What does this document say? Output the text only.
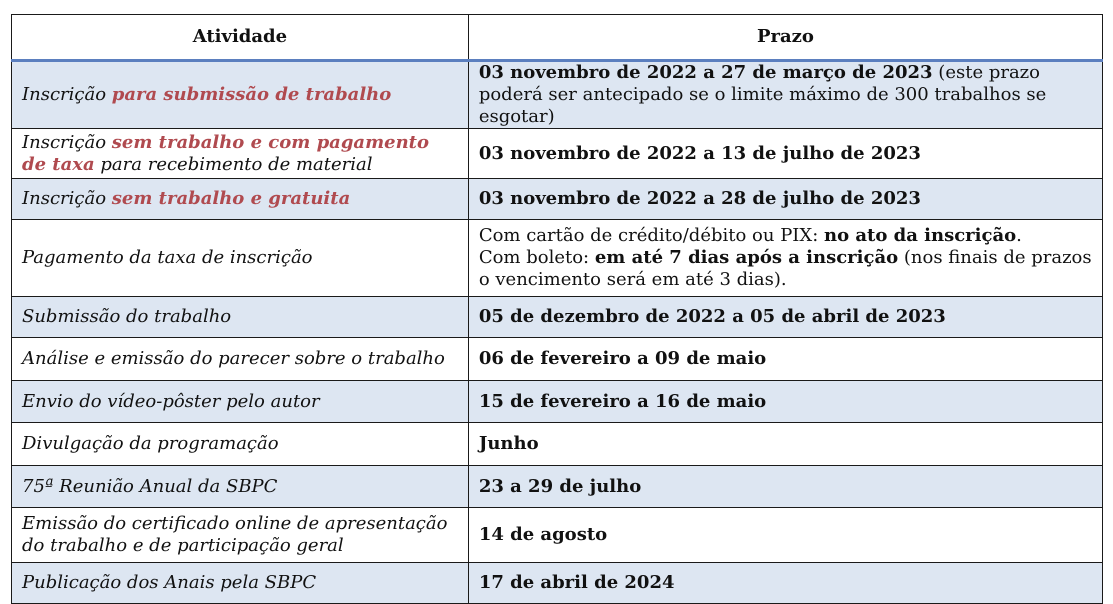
Atividade	Prazo
Inscrição para submissão de trabalho	03 novembro de 2022 a 27 de março de 2023 (este prazo poderá ser antecipado se o limite máximo de 300 trabalhos se esgotar)
Inscrição sem trabalho e com pagamento de taxa para recebimento de material	03 novembro de 2022 a 13 de julho de 2023
Inscrição sem trabalho e gratuita	03 novembro de 2022 a 28 de julho de 2023
Pagamento da taxa de inscrição	Com cartão de crédito/débito ou PIX: no ato da inscrição.
Com boleto: em até 7 dias após a inscrição (nos finais de prazos o vencimento será em até 3 dias).
Submissão do trabalho	05 de dezembro de 2022 a 05 de abril de 2023
Análise e emissão do parecer sobre o trabalho	06 de fevereiro a 09 de maio
Envio do vídeo-pôster pelo autor	15 de fevereiro a 16 de maio
Divulgação da programação	Junho
75ª Reunião Anual da SBPC	23 a 29 de julho
Emissão do certificado online de apresentação do trabalho e de participação geral	14 de agosto
Publicação dos Anais pela SBPC	17 de abril de 2024
